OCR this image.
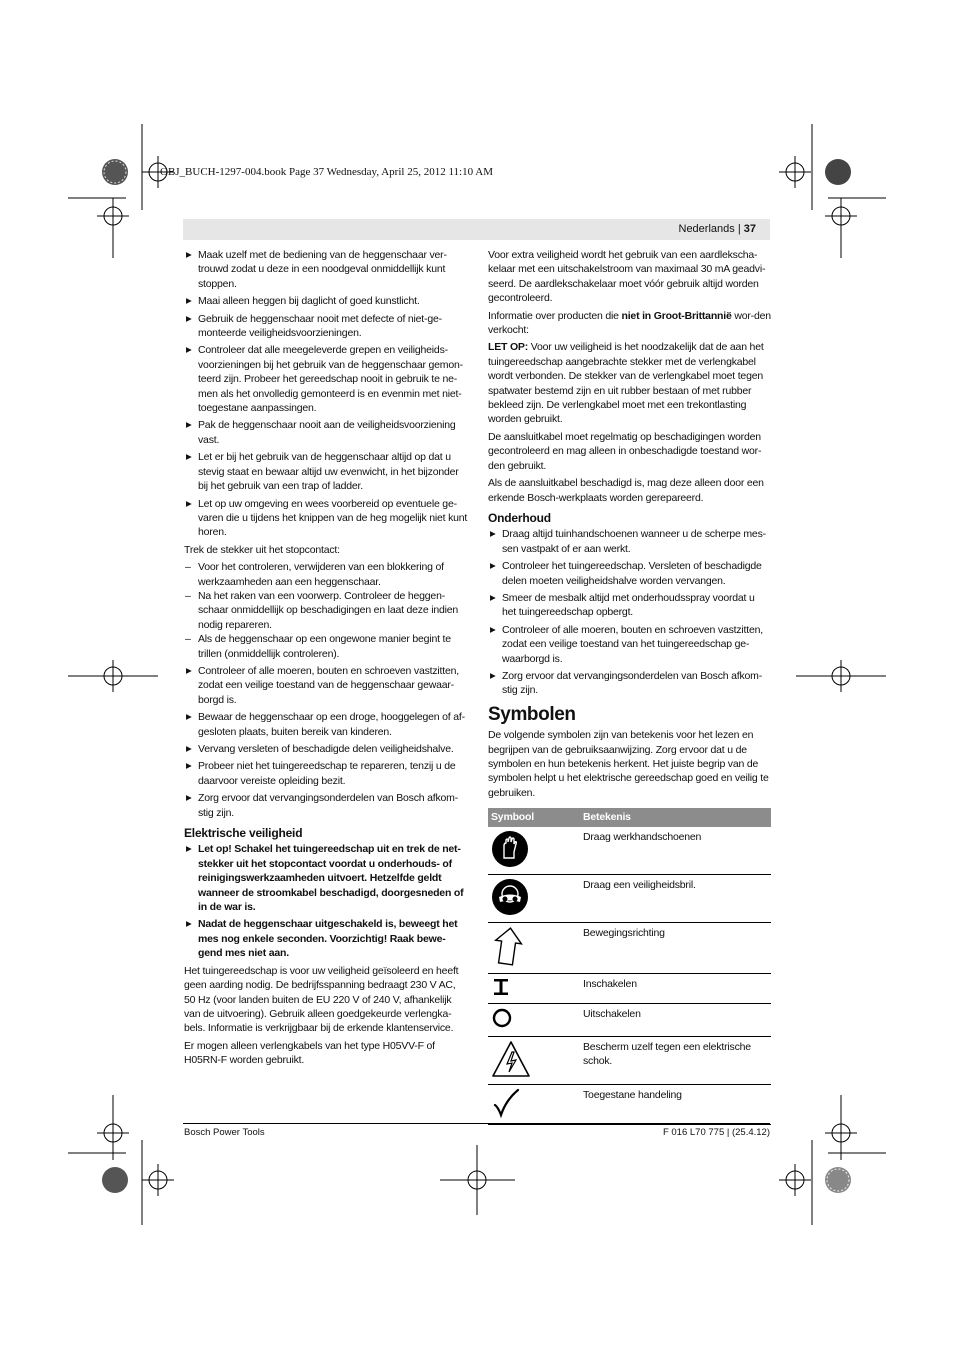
OBJ_BUCH-1297-004.book Page 37 Wednesday, April 25, 2012 11:10 AM
Nederlands | 37
▶ Maak uzelf met de bediening van de heggenschaar ver-trouwd zodat u deze in een noodgeval onmiddellijk kunt stoppen.
▶ Maai alleen heggen bij daglicht of goed kunstlicht.
▶ Gebruik de heggenschaar nooit met defecte of niet-ge-monteerde veiligheidsvoorzieningen.
▶ Controleer dat alle meegeleverde grepen en veiligheids-voorzieningen bij het gebruik van de heggenschaar gemon-teerd zijn. Probeer het gereedschap nooit in gebruik te ne-men als het onvolledig gemonteerd is en evenmin met niet-toegestane aanpassingen.
▶ Pak de heggenschaar nooit aan de veiligheidsvoorziening vast.
▶ Let er bij het gebruik van de heggenschaar altijd op dat u stevig staat en bewaar altijd uw evenwicht, in het bijzonder bij het gebruik van een trap of ladder.
▶ Let op uw omgeving en wees voorbereid op eventuele ge-varen die u tijdens het knippen van de heg mogelijk niet kunt horen.

Trek de stekker uit het stopcontact:

– Voor het controleren, verwijderen van een blokkering of werkzaamheden aan een heggenschaar.
– Na het raken van een voorwerp. Controleer de heggen-schaar onmiddellijk op beschadigingen en laat deze indien nodig repareren.
– Als de heggenschaar op een ongewone manier begint te trillen (onmiddellijk controleren).
▶ Controleer of alle moeren, bouten en schroeven vastzitten, zodat een veilige toestand van de heggenschaar gewaar-borgd is.
▶ Bewaar de heggenschaar op een droge, hooggelegen of af-gesloten plaats, buiten bereik van kinderen.
▶ Vervang versleten of beschadigde delen veiligheidshalve.
▶ Probeer niet het tuingereedschap te repareren, tenzij u de daarvoor vereiste opleiding bezit.
▶ Zorg ervoor dat vervangingsonderdelen van Bosch afkom-stig zijn.
Elektrische veiligheid
▶ Let op! Schakel het tuingereedschap uit en trek de net-stekker uit het stopcontact voordat u onderhouds- of reinigingswerkzaamheden uitvoert. Hetzelfde geldt wanneer de stroomkabel beschadigd, doorgesneden of in de war is.
▶ Nadat de heggenschaar uitgeschakeld is, beweegt het mes nog enkele seconden. Voorzichtig! Raak bewe-gend mes niet aan.

Het tuingereedschap is voor uw veiligheid geïsoleerd en heeft geen aarding nodig. De bedrijfsspanning bedraagt 230 V AC, 50 Hz (voor landen buiten de EU 220 V of 240 V, afhankelijk van de uitvoering). Gebruik alleen goedgekeurde verlengka-bels. Informatie is verkrijgbaar bij de erkende klantenservice.

Er mogen alleen verlengkabels van het type H05VV-F of H05RN-F worden gebruikt.

Voor extra veiligheid wordt het gebruik van een aardlekscha-kelaar met een uitschakelstroom van maximaal 30 mA geadvi-seerd. De aardlekschakelaar moet vóór gebruik altijd worden gecontroleerd.

Informatie over producten die niet in Groot-Brittannië wor-den verkocht:

LET OP: Voor uw veiligheid is het noodzakelijk dat de aan het tuingereedschap aangebrachte stekker met de verlengkabel wordt verbonden. De stekker van de verlengkabel moet tegen spatwater bestemd zijn en uit rubber bestaan of met rubber bekleed zijn. De verlengkabel moet met een trekontlasting worden gebruikt.

De aansluitkabel moet regelmatig op beschadigingen worden gecontroleerd en mag alleen in onbeschadigde toestand wor-den gebruikt.

Als de aansluitkabel beschadigd is, mag deze alleen door een erkende Bosch-werkplaats worden gerepareerd.

Onderhoud
▶ Draag altijd tuinhandschoenen wanneer u de scherpe mes-sen vastpakt of er aan werkt.
▶ Controleer het tuingereedschap. Versleten of beschadigde delen moeten veiligheidshalve worden vervangen.
▶ Smeer de mesbalk altijd met onderhoudsspray voordat u het tuingereedschap opbergt.
▶ Controleer of alle moeren, bouten en schroeven vastzitten, zodat een veilige toestand van het tuingereedschap ge-waarborgd is.
▶ Zorg ervoor dat vervangingsonderdelen van Bosch afkom-stig zijn.
Symbolen

De volgende symbolen zijn van betekenis voor het lezen en begrijpen van de gebruiksaanwijzing. Zorg ervoor dat u de symbolen en hun betekenis herkent. Het juiste begrip van de symbolen helpt u het elektrische gereedschap goed en veilig te gebruiken.

Symbool	Betekenis
	Draag werkhandschoenen
	Draag een veiligheidsbril.
	Bewegingsrichting
	Inschakelen
	Uitschakelen
	Bescherm uzelf tegen een elektrische schok.
	Toegestane handeling
Bosch Power Tools	F 016 L70 775 | (25.4.12)
